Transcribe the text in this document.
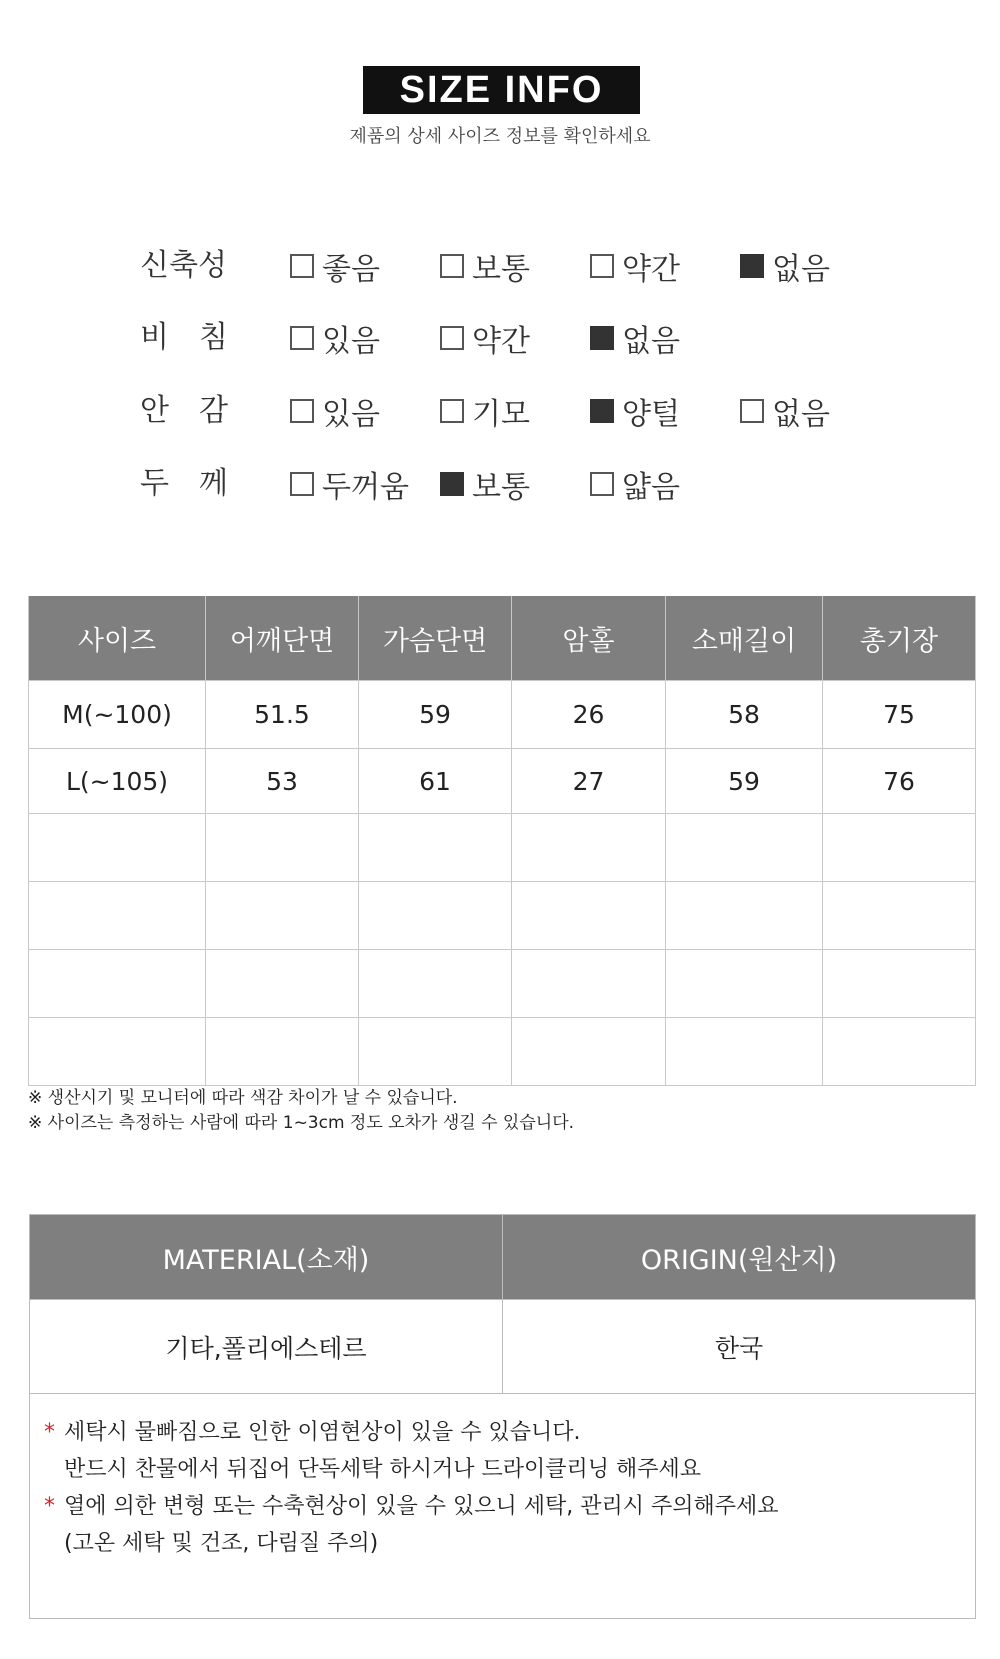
SIZE INFO
제품의 상세 사이즈 정보를 확인하세요
신축성	좋음	보통	약간	없음
비　침	있음	약간	없음
안　감	있음	기모	양털	없음
두　께	두꺼움 보통	얇음
사이즈	어깨단면	가슴단면	암홀	소매길이	총기장
M(~100)	51.5	59	26	58	75
L(~105)	53	61	27	59	76

※ 생산시기 및 모니터에 따라 색감 차이가 날 수 있습니다.
※ 사이즈는 측정하는 사람에 따라 1~3cm 정도 오차가 생길 수 있습니다.
MATERIAL(소재)	ORIGIN(원산지)
기타,폴리에스테르	한국

* 세탁시 물빠짐으로 인한 이염현상이 있을 수 있습니다.
반드시 찬물에서 뒤집어 단독세탁 하시거나 드라이클리닝 해주세요
* 열에 의한 변형 또는 수축현상이 있을 수 있으니 세탁, 관리시 주의해주세요
(고온 세탁 및 건조, 다림질 주의)	
